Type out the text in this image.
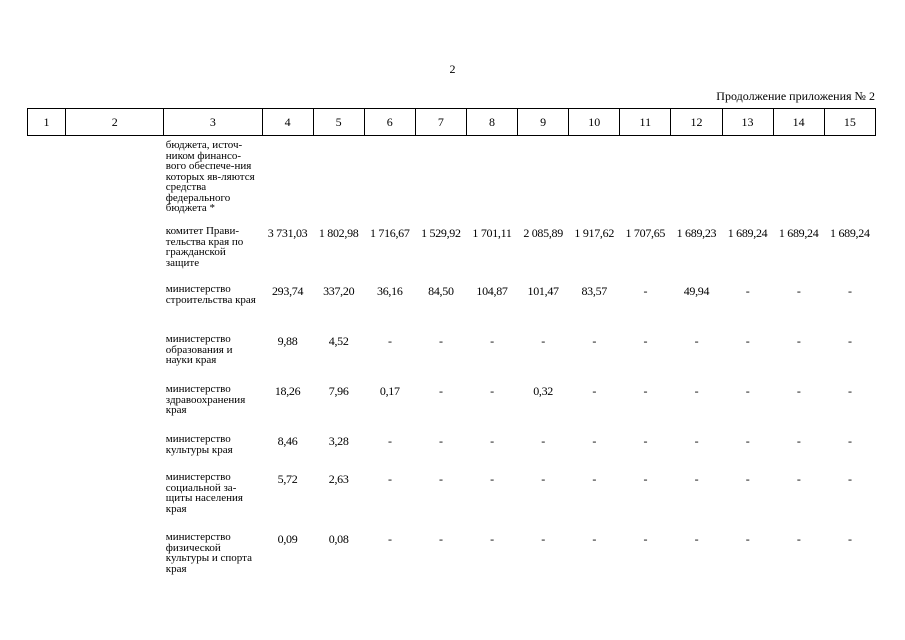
2
Продолжение приложения № 2
1	2	3	4	5	6	7	8	9	10	11	12	13	14	15
		бюджета, источ-ником финансо-вого обеспече-ния которых яв-ляются средства федерального бюджета *												
		комитет Прави-тельства края по гражданской защите	3 731,03	1 802,98	1 716,67	1 529,92	1 701,11	2 085,89	1 917,62	1 707,65	1 689,23	1 689,24	1 689,24	1 689,24
		министерство строительства края	293,74	337,20	36,16	84,50	104,87	101,47	83,57	-	49,94	-	-	-
		министерство образования и науки края	9,88	4,52	-	-	-	-	-	-	-	-	-	-
		министерство здравоохранения края	18,26	7,96	0,17	-	-	0,32	-	-	-	-	-	-
		министерство культуры края	8,46	3,28	-	-	-	-	-	-	-	-	-	-
		министерство социальной за-щиты населения края	5,72	2,63	-	-	-	-	-	-	-	-	-	-
		министерство физической культуры и спорта края	0,09	0,08	-	-	-	-	-	-	-	-	-	-
